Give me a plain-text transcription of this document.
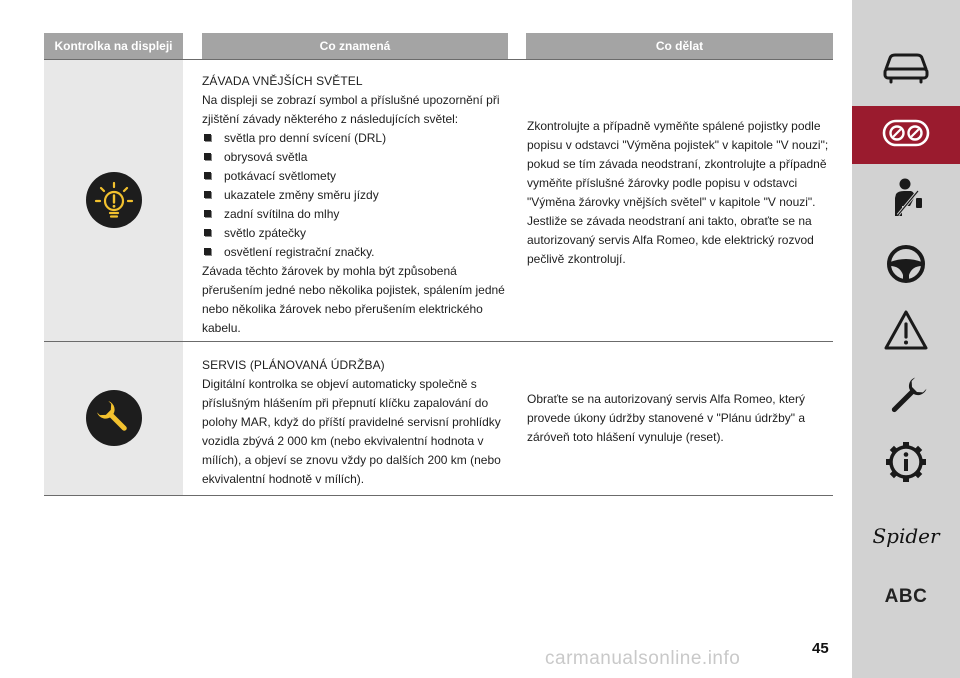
Kontrolka na displeji	Co znamená	Co dělat

ZÁVADA VNĚJŠÍCH SVĚTEL

Na displeji se zobrazí symbol a příslušné upozornění při zjištění závady některého z následujících světel:

světla pro denní svícení (DRL)
obrysová světla
potkávací světlomety
ukazatele změny směru jízdy
zadní svítilna do mlhy
světlo zpátečky
osvětlení registrační značky.

Závada těchto žárovek by mohla být způsobená přerušením jedné nebo několika pojistek, spálením jedné nebo několika žárovek nebo přerušením elektrického kabelu.

Zkontrolujte a případně vyměňte spálené pojistky podle popisu v odstavci "Výměna pojistek" v kapitole "V nouzi"; pokud se tím závada neodstraní, zkontrolujte a případně vyměňte příslušné žárovky podle popisu v odstavci "Výměna žárovky vnějších světel" v kapitole "V nouzi". Jestliže se závada neodstraní ani takto, obraťte se na autorizovaný servis Alfa Romeo, kde elektrický rozvod pečlivě zkontrolují.

SERVIS (PLÁNOVANÁ ÚDRŽBA)

Digitální kontrolka se objeví automaticky společně s příslušným hlášením při přepnutí klíčku zapalování do polohy MAR, když do příští pravidelné servisní prohlídky vozidla zbývá 2 000 km (nebo ekvivalentní hodnota v mílích), a objeví se znovu vždy po dalších 200 km (nebo ekvivalentní hodnotě v mílích).

Obraťte se na autorizovaný servis Alfa Romeo, který provede úkony údržby stanovené v "Plánu údržby" a záróveň toto hlášení vynuluje (reset).

45
carmanualsonline.info
Spider
ABC
